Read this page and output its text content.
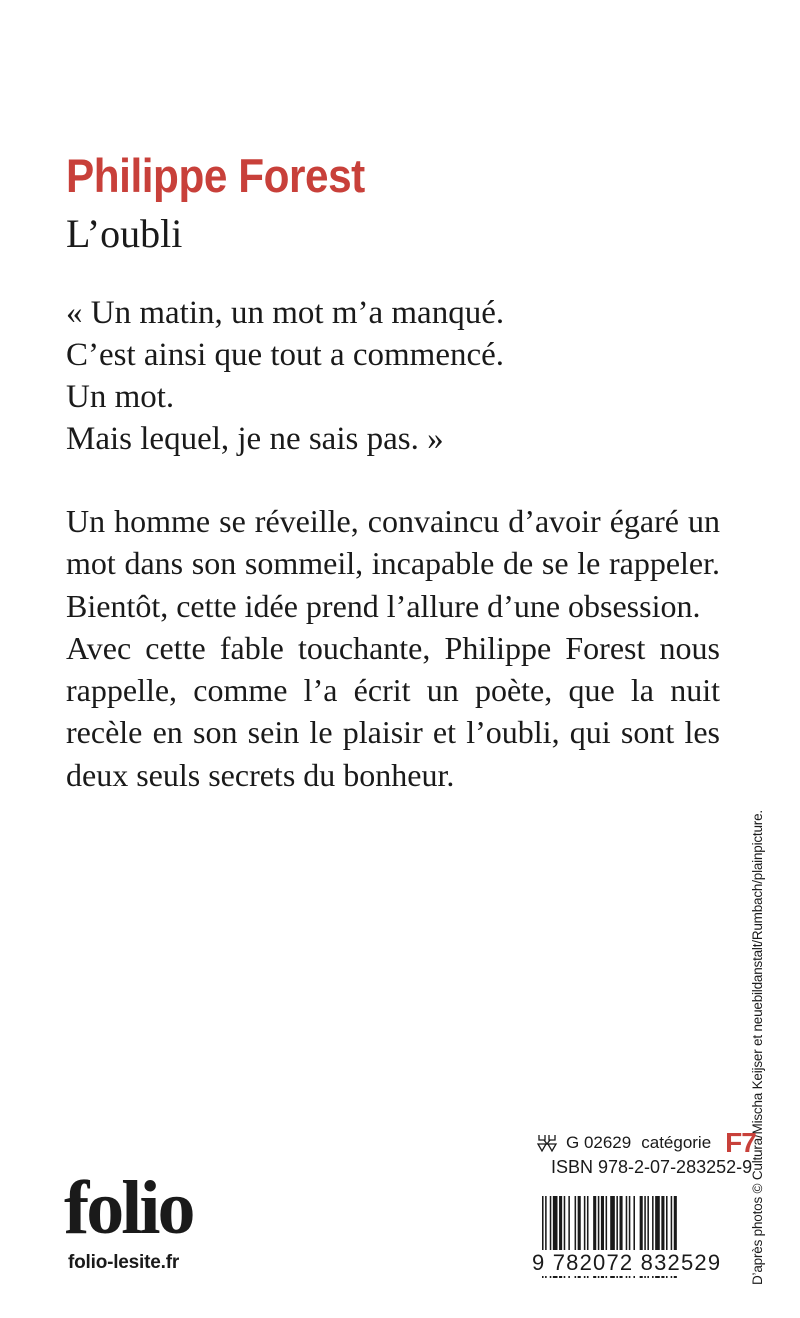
Philippe Forest
L’oubli
« Un matin, un mot m’a manqué.
C’est ainsi que tout a commencé.
Un mot.
Mais lequel, je ne sais pas. »
Un homme se réveille, convaincu d’avoir égaré un mot dans son sommeil, incapable de se le rappeler. Bientôt, cette idée prend l’allure d’une obsession.
Avec cette fable touchante, Philippe Forest nous rappelle, comme l’a écrit un poète, que la nuit recèle en son sein le plaisir et l’oubli, qui sont les deux seuls secrets du bonheur.
D’après photos © Cultura/Mischa Keijser et neuebildanstalt/Rumbach/plainpicture.
folio
folio-lesite.fr
G 02629 catégorie F7
ISBN 978-2-07-283252-9
9 782072 832529
